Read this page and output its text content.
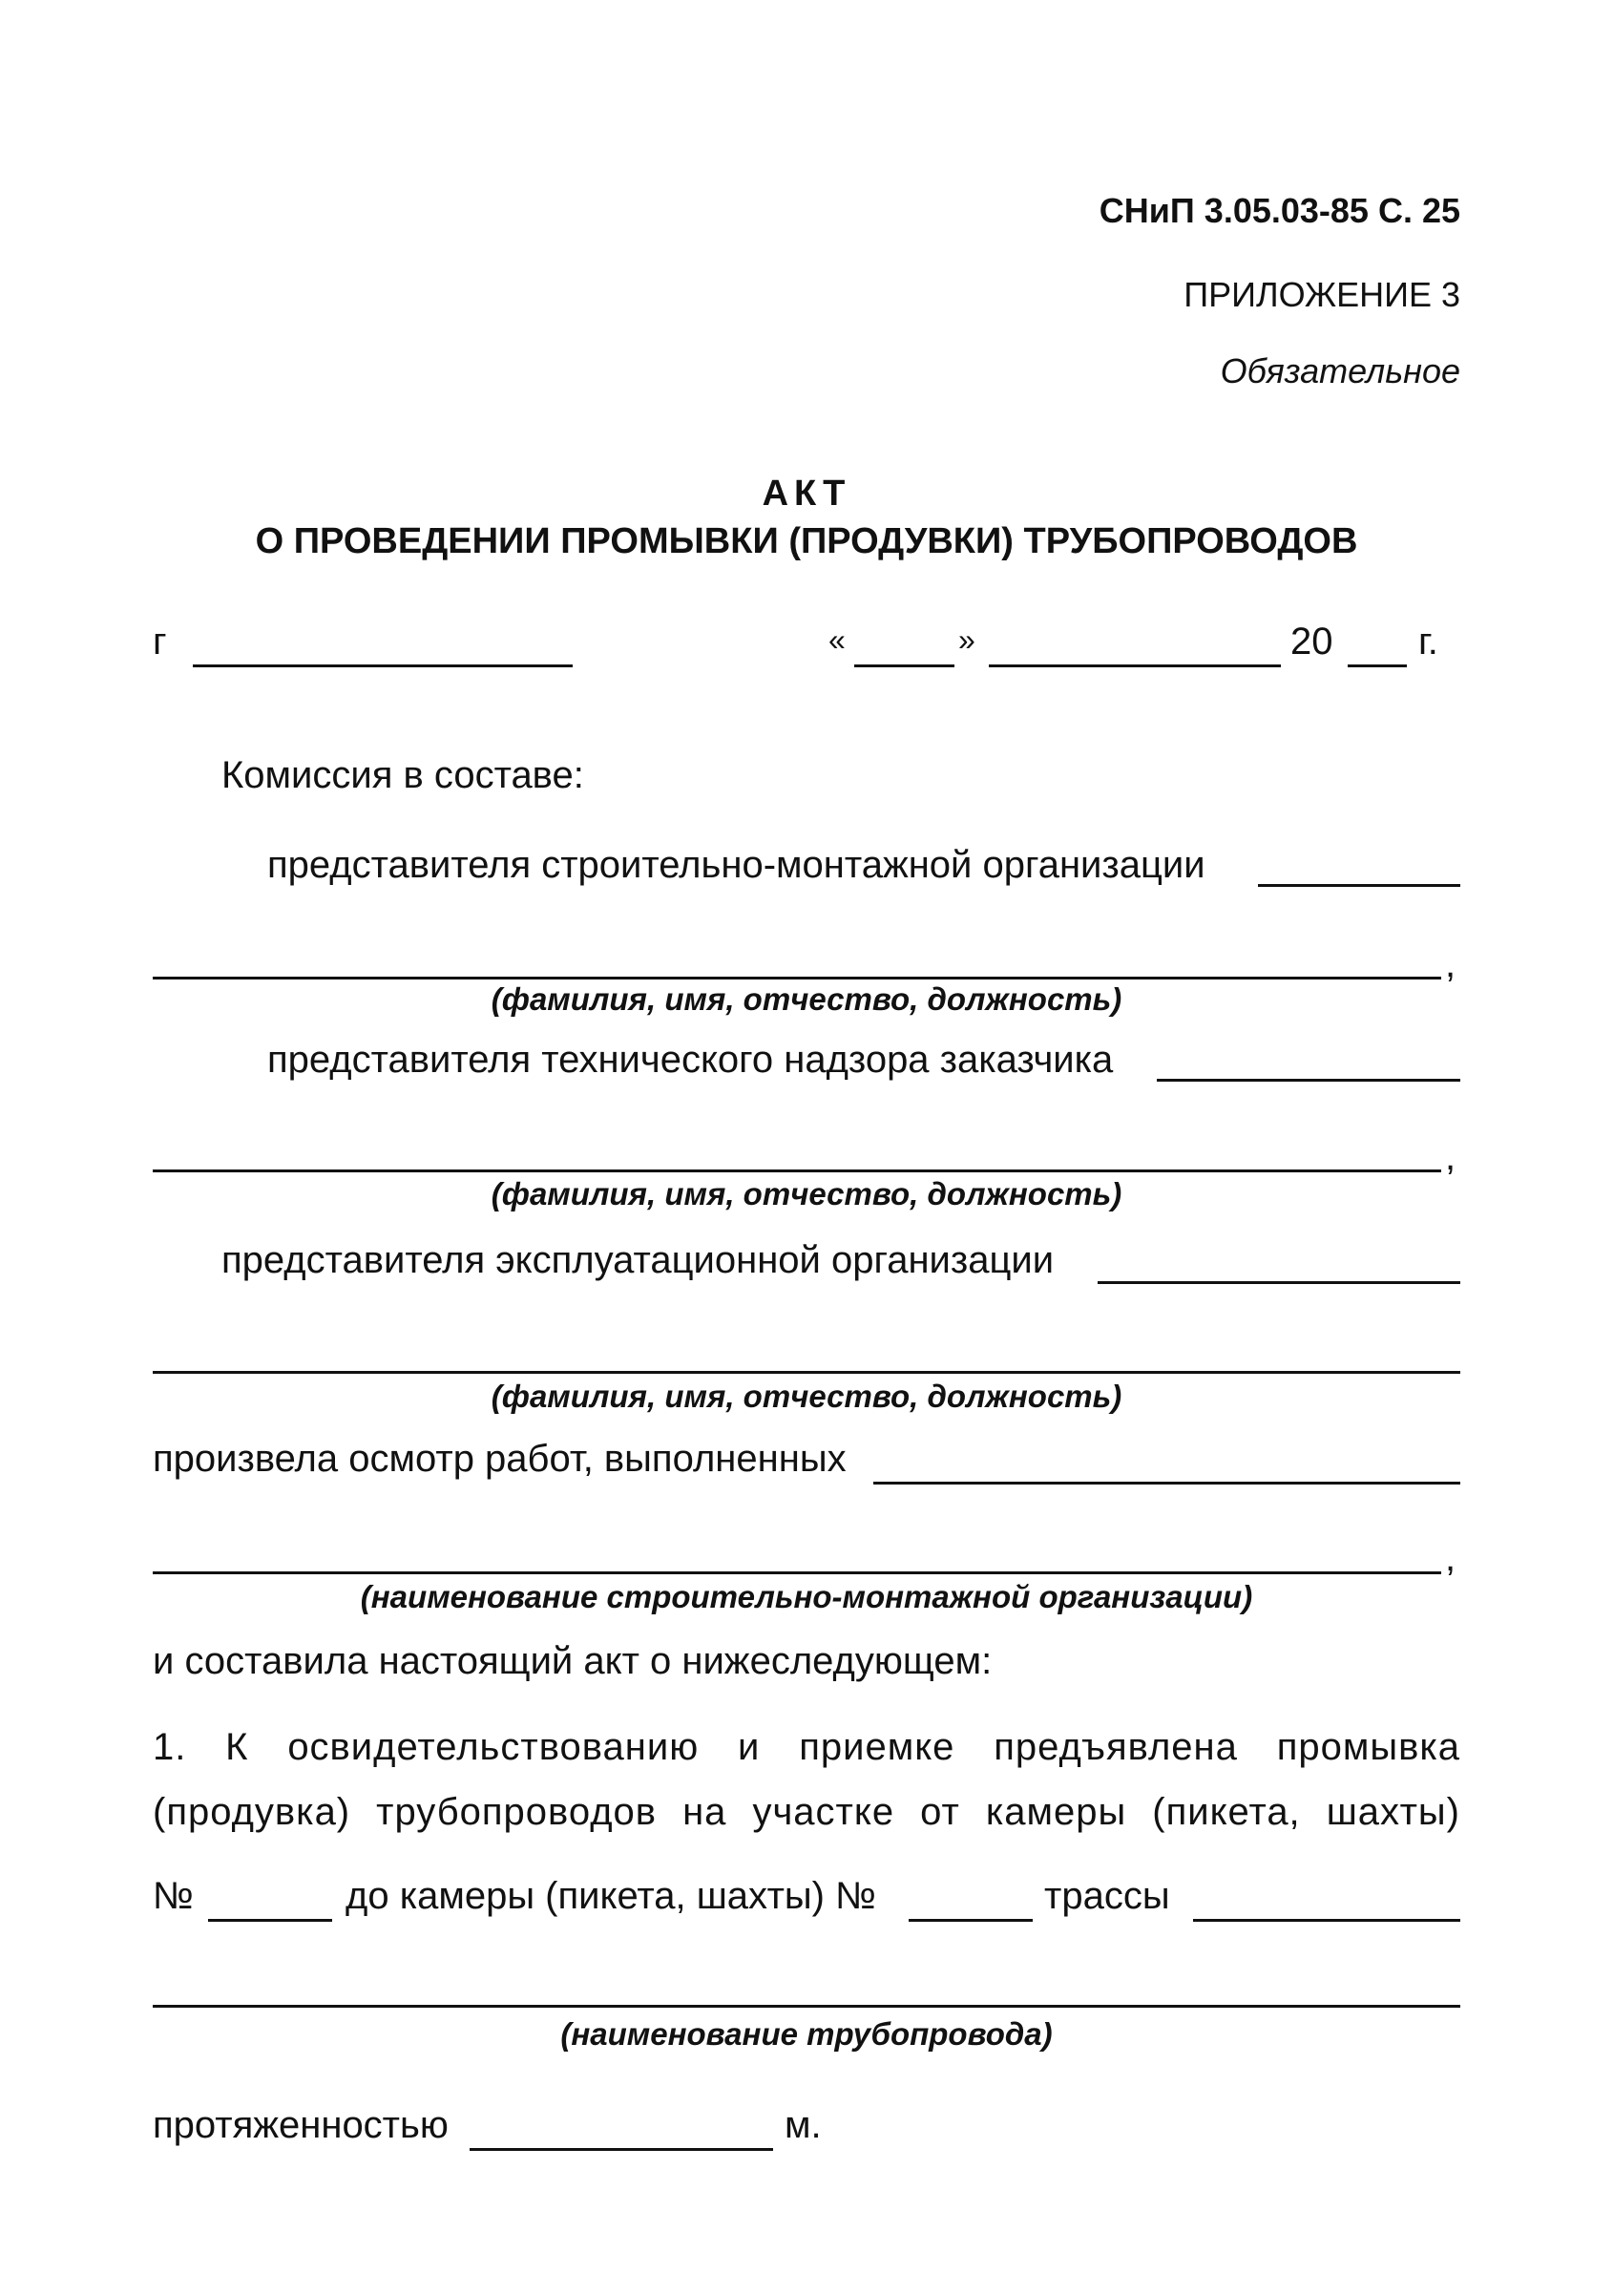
СНиП 3.05.03-85 С. 25
ПРИЛОЖЕНИЕ 3
Обязательное
АКТ
О ПРОВЕДЕНИИ ПРОМЫВКИ (ПРОДУВКИ) ТРУБОПРОВОДОВ
г	«	»	20 г.
Комиссия в составе:
представителя строительно-монтажной организации
,
(фамилия, имя, отчество, должность)
представителя технического надзора заказчика
,
(фамилия, имя, отчество, должность)
представителя эксплуатационной организации
(фамилия, имя, отчество, должность)
произвела осмотр работ, выполненных
,
(наименование строительно-монтажной организации)
и составила настоящий акт о нижеследующем:
1. К освидетельствованию и приемке предъявлена промывка
(продувка) трубопроводов на участке от камеры (пикета, шахты)
№	до камеры (пикета, шахты) №	трассы
(наименование трубопровода)
протяженностью	м.
